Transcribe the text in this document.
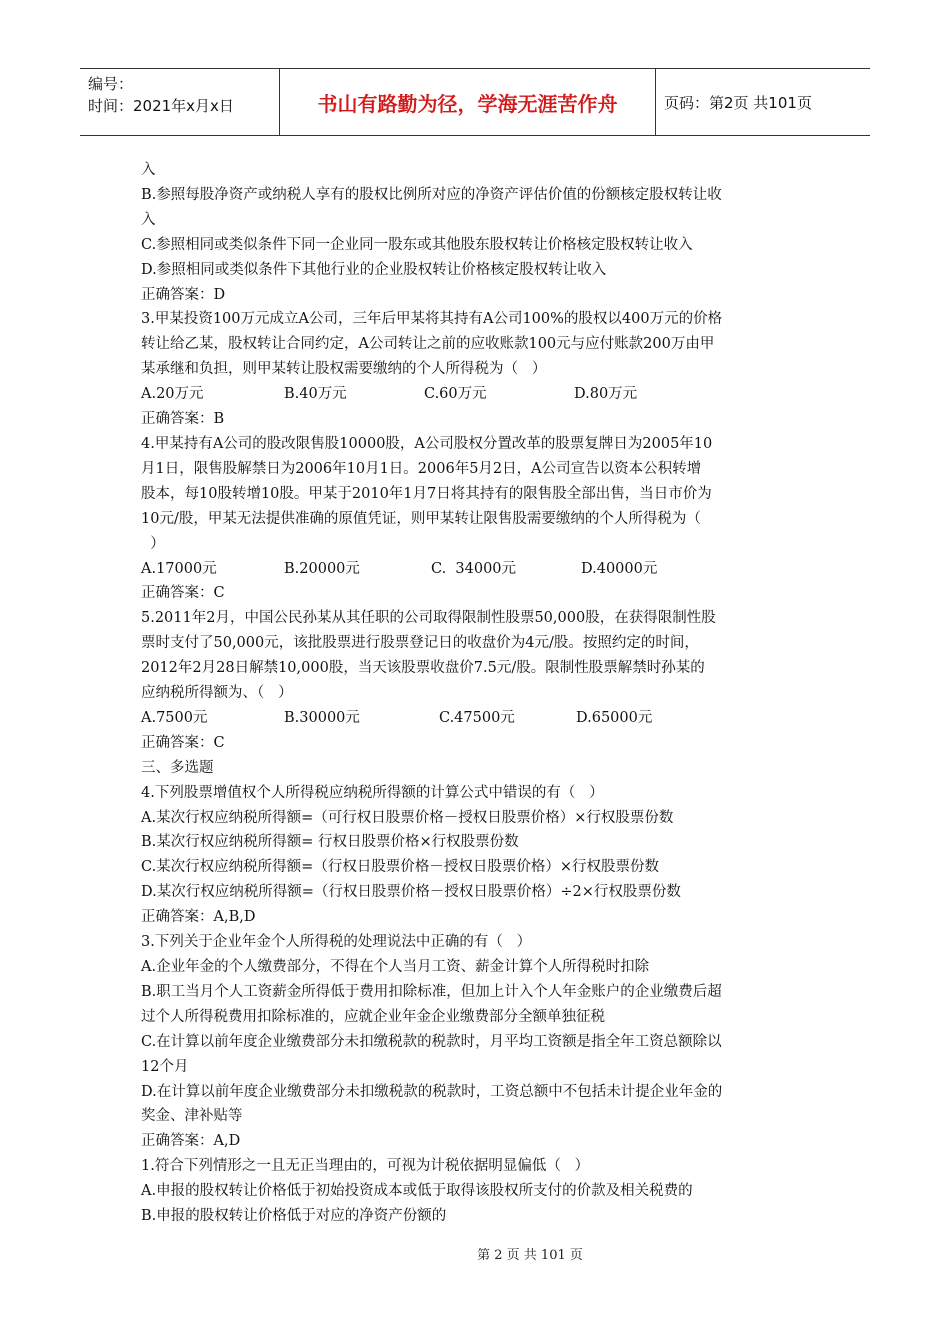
编号：
时间：2021年x月x日	书山有路勤为径，学海无涯苦作舟	页码：第2页 共101页

入

B.参照每股净资产或纳税人享有的股权比例所对应的净资产评估价值的份额核定股权转让收

入

C.参照相同或类似条件下同一企业同一股东或其他股东股权转让价格核定股权转让收入

D.参照相同或类似条件下其他行业的企业股权转让价格核定股权转让收入

正确答案：D

3.甲某投资100万元成立A公司，三年后甲某将其持有A公司100%的股权以400万元的价格

转让给乙某，股权转让合同约定，A公司转让之前的应收账款100元与应付账款200万由甲

某承继和负担，则甲某转让股权需要缴纳的个人所得税为（   ）

A.20万元	B.40万元	C.60万元	D.80万元

正确答案：B

4.甲某持有A公司的股改限售股10000股，A公司股权分置改革的股票复牌日为2005年10

月1日，限售股解禁日为2006年10月1日。2006年5月2日，A公司宣告以资本公积转增

股本，每10股转增10股。甲某于2010年1月7日将其持有的限售股全部出售，当日市价为

10元/股，甲某无法提供准确的原值凭证，则甲某转让限售股需要缴纳的个人所得税为（

）

A.17000元	B.20000元	C.  34000元	D.40000元

正确答案：C

5.2011年2月，中国公民孙某从其任职的公司取得限制性股票50,000股，在获得限制性股

票时支付了50,000元，该批股票进行股票登记日的收盘价为4元/股。按照约定的时间，

2012年2月28日解禁10,000股，当天该股票收盘价7.5元/股。限制性股票解禁时孙某的

应纳税所得额为、（   ）

A.7500元	B.30000元	C.47500元	D.65000元

正确答案：C

三、多选题

4.下列股票增值权个人所得税应纳税所得额的计算公式中错误的有（   ）

A.某次行权应纳税所得额=（可行权日股票价格－授权日股票价格）×行权股票份数

B.某次行权应纳税所得额= 行权日股票价格×行权股票份数

C.某次行权应纳税所得额=（行权日股票价格－授权日股票价格）×行权股票份数

D.某次行权应纳税所得额=（行权日股票价格－授权日股票价格）÷2×行权股票份数

正确答案：A,B,D

3.下列关于企业年金个人所得税的处理说法中正确的有（   ）

A.企业年金的个人缴费部分，不得在个人当月工资、薪金计算个人所得税时扣除

B.职工当月个人工资薪金所得低于费用扣除标准，但加上计入个人年金账户的企业缴费后超

过个人所得税费用扣除标准的，应就企业年金企业缴费部分全额单独征税

C.在计算以前年度企业缴费部分未扣缴税款的税款时，月平均工资额是指全年工资总额除以

12个月

D.在计算以前年度企业缴费部分未扣缴税款的税款时，工资总额中不包括未计提企业年金的

奖金、津补贴等

正确答案：A,D

1.符合下列情形之一且无正当理由的，可视为计税依据明显偏低（   ）

A.申报的股权转让价格低于初始投资成本或低于取得该股权所支付的价款及相关税费的

B.申报的股权转让价格低于对应的净资产份额的

第 2 页 共 101 页
